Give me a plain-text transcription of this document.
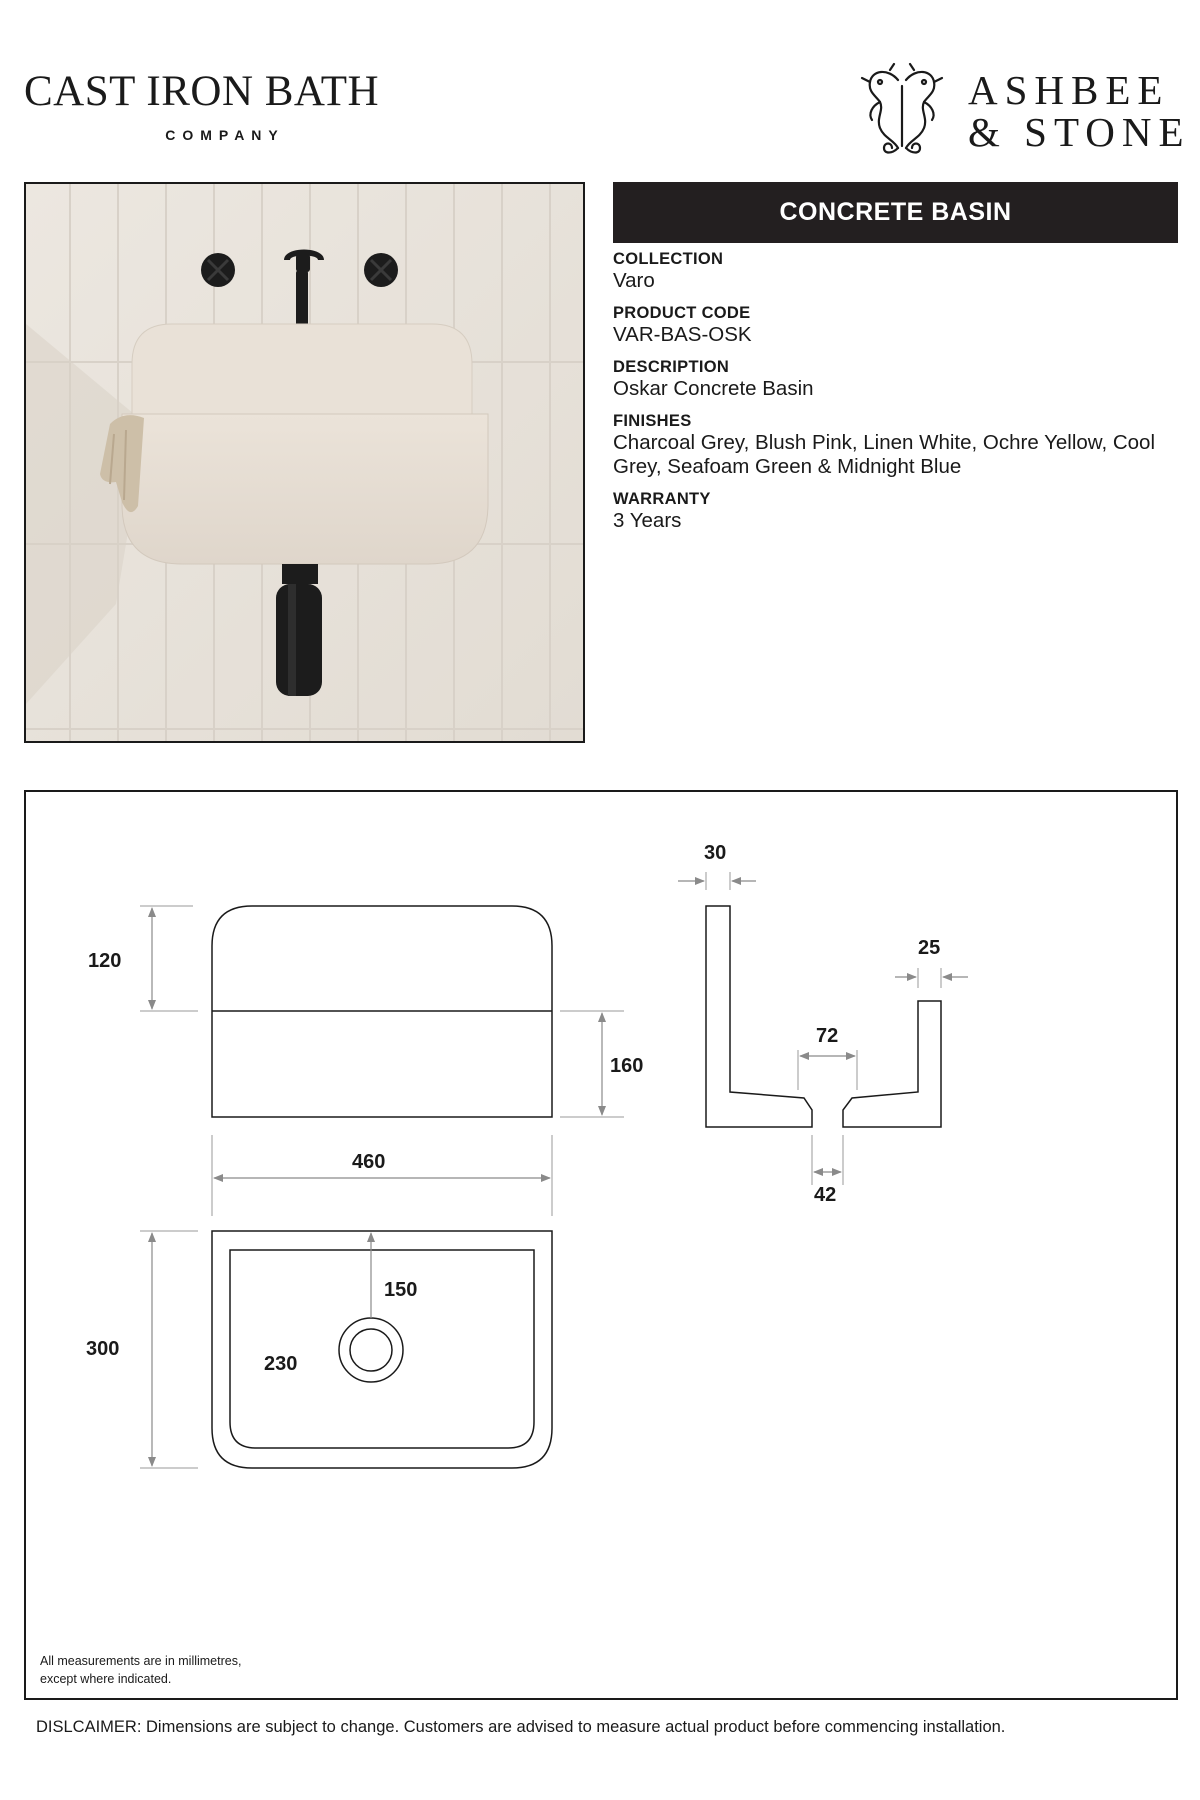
CAST IRON BATH
COMPANY
ASHBEE
& STONE
CONCRETE BASIN
COLLECTION
Varo
PRODUCT CODE
VAR-BAS-OSK
DESCRIPTION
Oskar Concrete Basin
FINISHES
Charcoal Grey, Blush Pink, Linen White, Ochre Yellow, Cool Grey, Seafoam Green & Midnight Blue
WARRANTY
3 Years
120
160
460
300
150
230
30
25
72
42
All measurements are in millimetres,
except where indicated.
DISLCAIMER: Dimensions are subject to change. Customers are advised to measure actual product before commencing installation.
